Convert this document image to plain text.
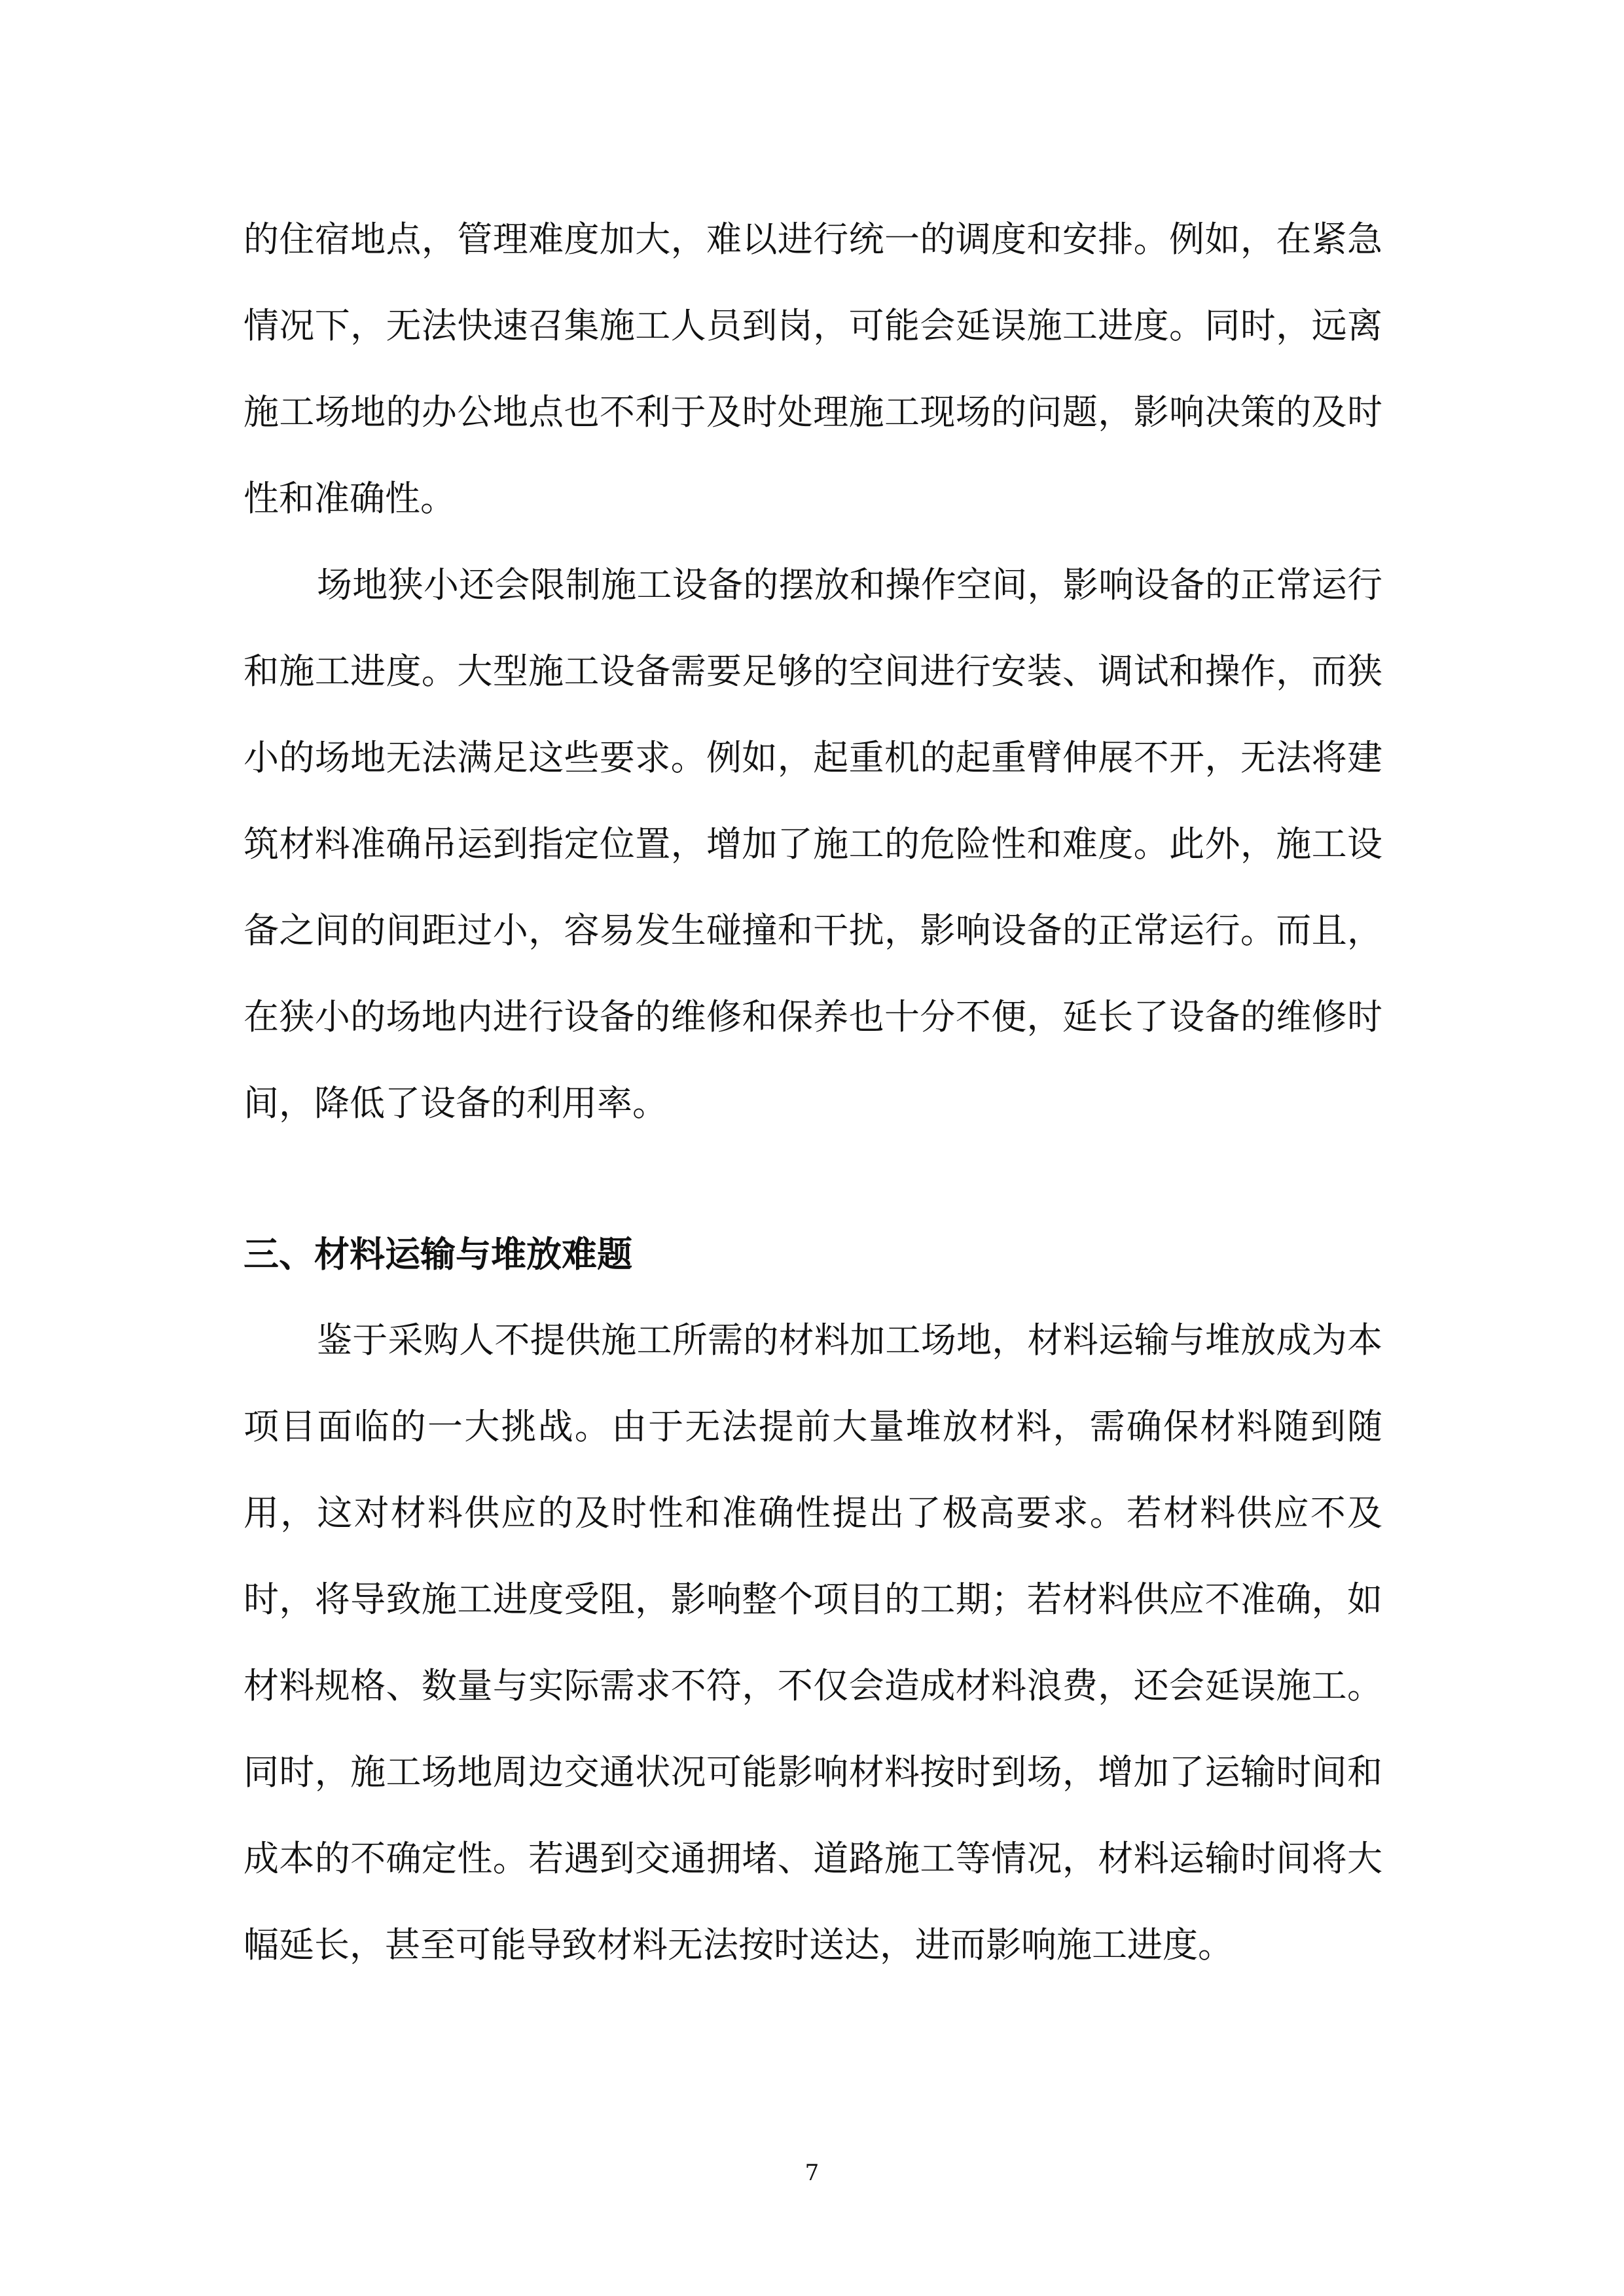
的住宿地点，管理难度加大，难以进行统一的调度和安排。例如，在紧急情况下，无法快速召集施工人员到岗，可能会延误施工进度。同时，远离施工场地的办公地点也不利于及时处理施工现场的问题，影响决策的及时性和准确性。

场地狭小还会限制施工设备的摆放和操作空间，影响设备的正常运行和施工进度。大型施工设备需要足够的空间进行安装、调试和操作，而狭小的场地无法满足这些要求。例如，起重机的起重臂伸展不开，无法将建筑材料准确吊运到指定位置，增加了施工的危险性和难度。此外，施工设备之间的间距过小，容易发生碰撞和干扰，影响设备的正常运行。而且，在狭小的场地内进行设备的维修和保养也十分不便，延长了设备的维修时间，降低了设备的利用率。

三、材料运输与堆放难题

鉴于采购人不提供施工所需的材料加工场地，材料运输与堆放成为本项目面临的一大挑战。由于无法提前大量堆放材料，需确保材料随到随用，这对材料供应的及时性和准确性提出了极高要求。若材料供应不及时，将导致施工进度受阻，影响整个项目的工期；若材料供应不准确，如材料规格、数量与实际需求不符，不仅会造成材料浪费，还会延误施工。同时，施工场地周边交通状况可能影响材料按时到场，增加了运输时间和成本的不确定性。若遇到交通拥堵、道路施工等情况，材料运输时间将大幅延长，甚至可能导致材料无法按时送达，进而影响施工进度。

7
